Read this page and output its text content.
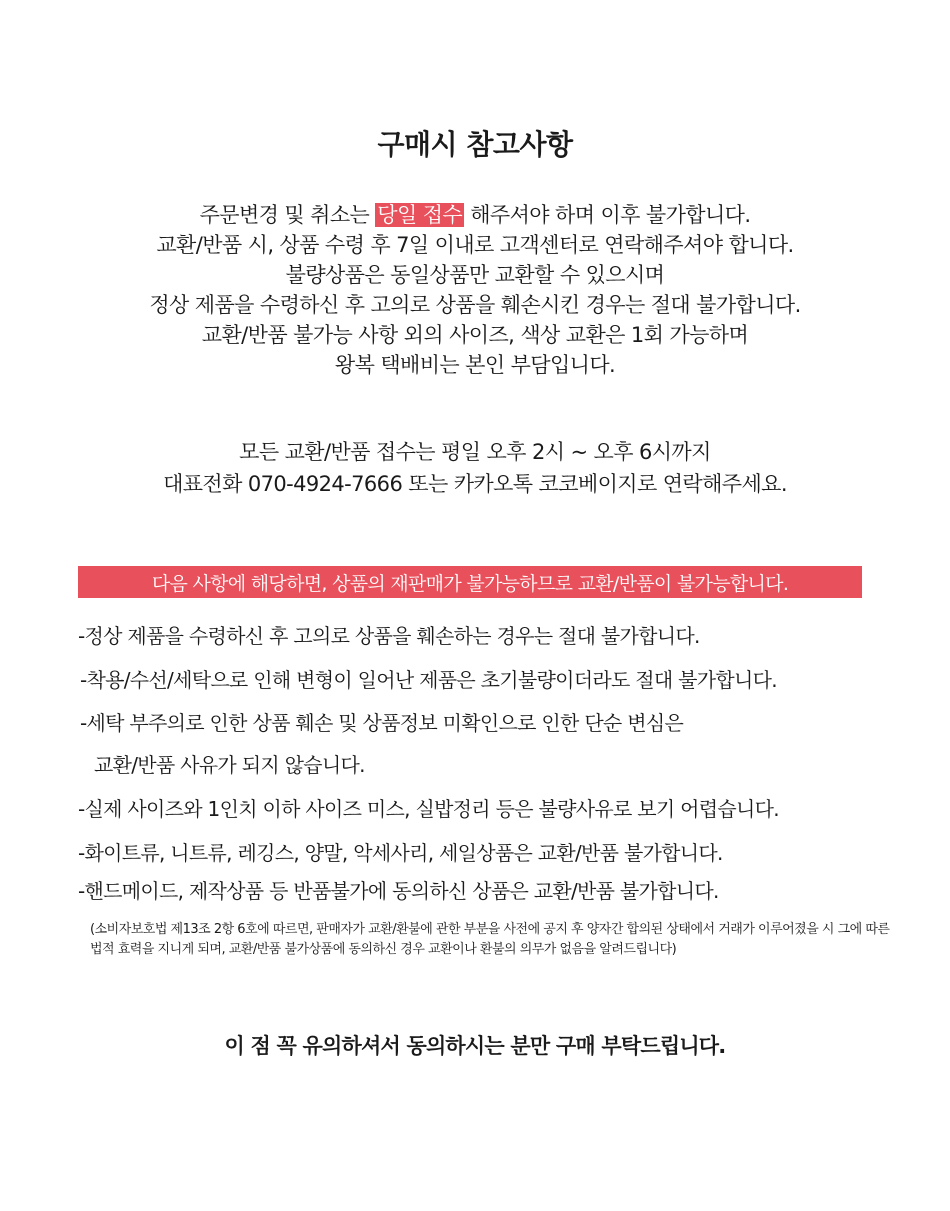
구매시 참고사항
주문변경 및 취소는 당일 접수 해주셔야 하며 이후 불가합니다.
교환/반품 시, 상품 수령 후 7일 이내로 고객센터로 연락해주셔야 합니다.
불량상품은 동일상품만 교환할 수 있으시며
정상 제품을 수령하신 후 고의로 상품을 훼손시킨 경우는 절대 불가합니다.
교환/반품 불가능 사항 외의 사이즈, 색상 교환은 1회 가능하며
왕복 택배비는 본인 부담입니다.
모든 교환/반품 접수는 평일 오후 2시 ~ 오후 6시까지
대표전화 070-4924-7666 또는 카카오톡 코코베이지로 연락해주세요.
다음 사항에 해당하면, 상품의 재판매가 불가능하므로 교환/반품이 불가능합니다.
-정상 제품을 수령하신 후 고의로 상품을 훼손하는 경우는 절대 불가합니다.
-착용/수선/세탁으로 인해 변형이 일어난 제품은 초기불량이더라도 절대 불가합니다.
-세탁 부주의로 인한 상품 훼손 및 상품정보 미확인으로 인한 단순 변심은
교환/반품 사유가 되지 않습니다.
-실제 사이즈와 1인치 이하 사이즈 미스, 실밥정리 등은 불량사유로 보기 어렵습니다.
-화이트류, 니트류, 레깅스, 양말, 악세사리, 세일상품은 교환/반품 불가합니다.
-핸드메이드, 제작상품 등 반품불가에 동의하신 상품은 교환/반품 불가합니다.
(소비자보호법 제13조 2항 6호에 따르면, 판매자가 교환/환불에 관한 부분을 사전에 공지 후 양자간 합의된 상태에서 거래가 이루어졌을 시 그에 따른 법적 효력을 지니게 되며, 교환/반품 불가상품에 동의하신 경우 교환이나 환불의 의무가 없음을 알려드립니다)
이 점 꼭 유의하셔서 동의하시는 분만 구매 부탁드립니다.
